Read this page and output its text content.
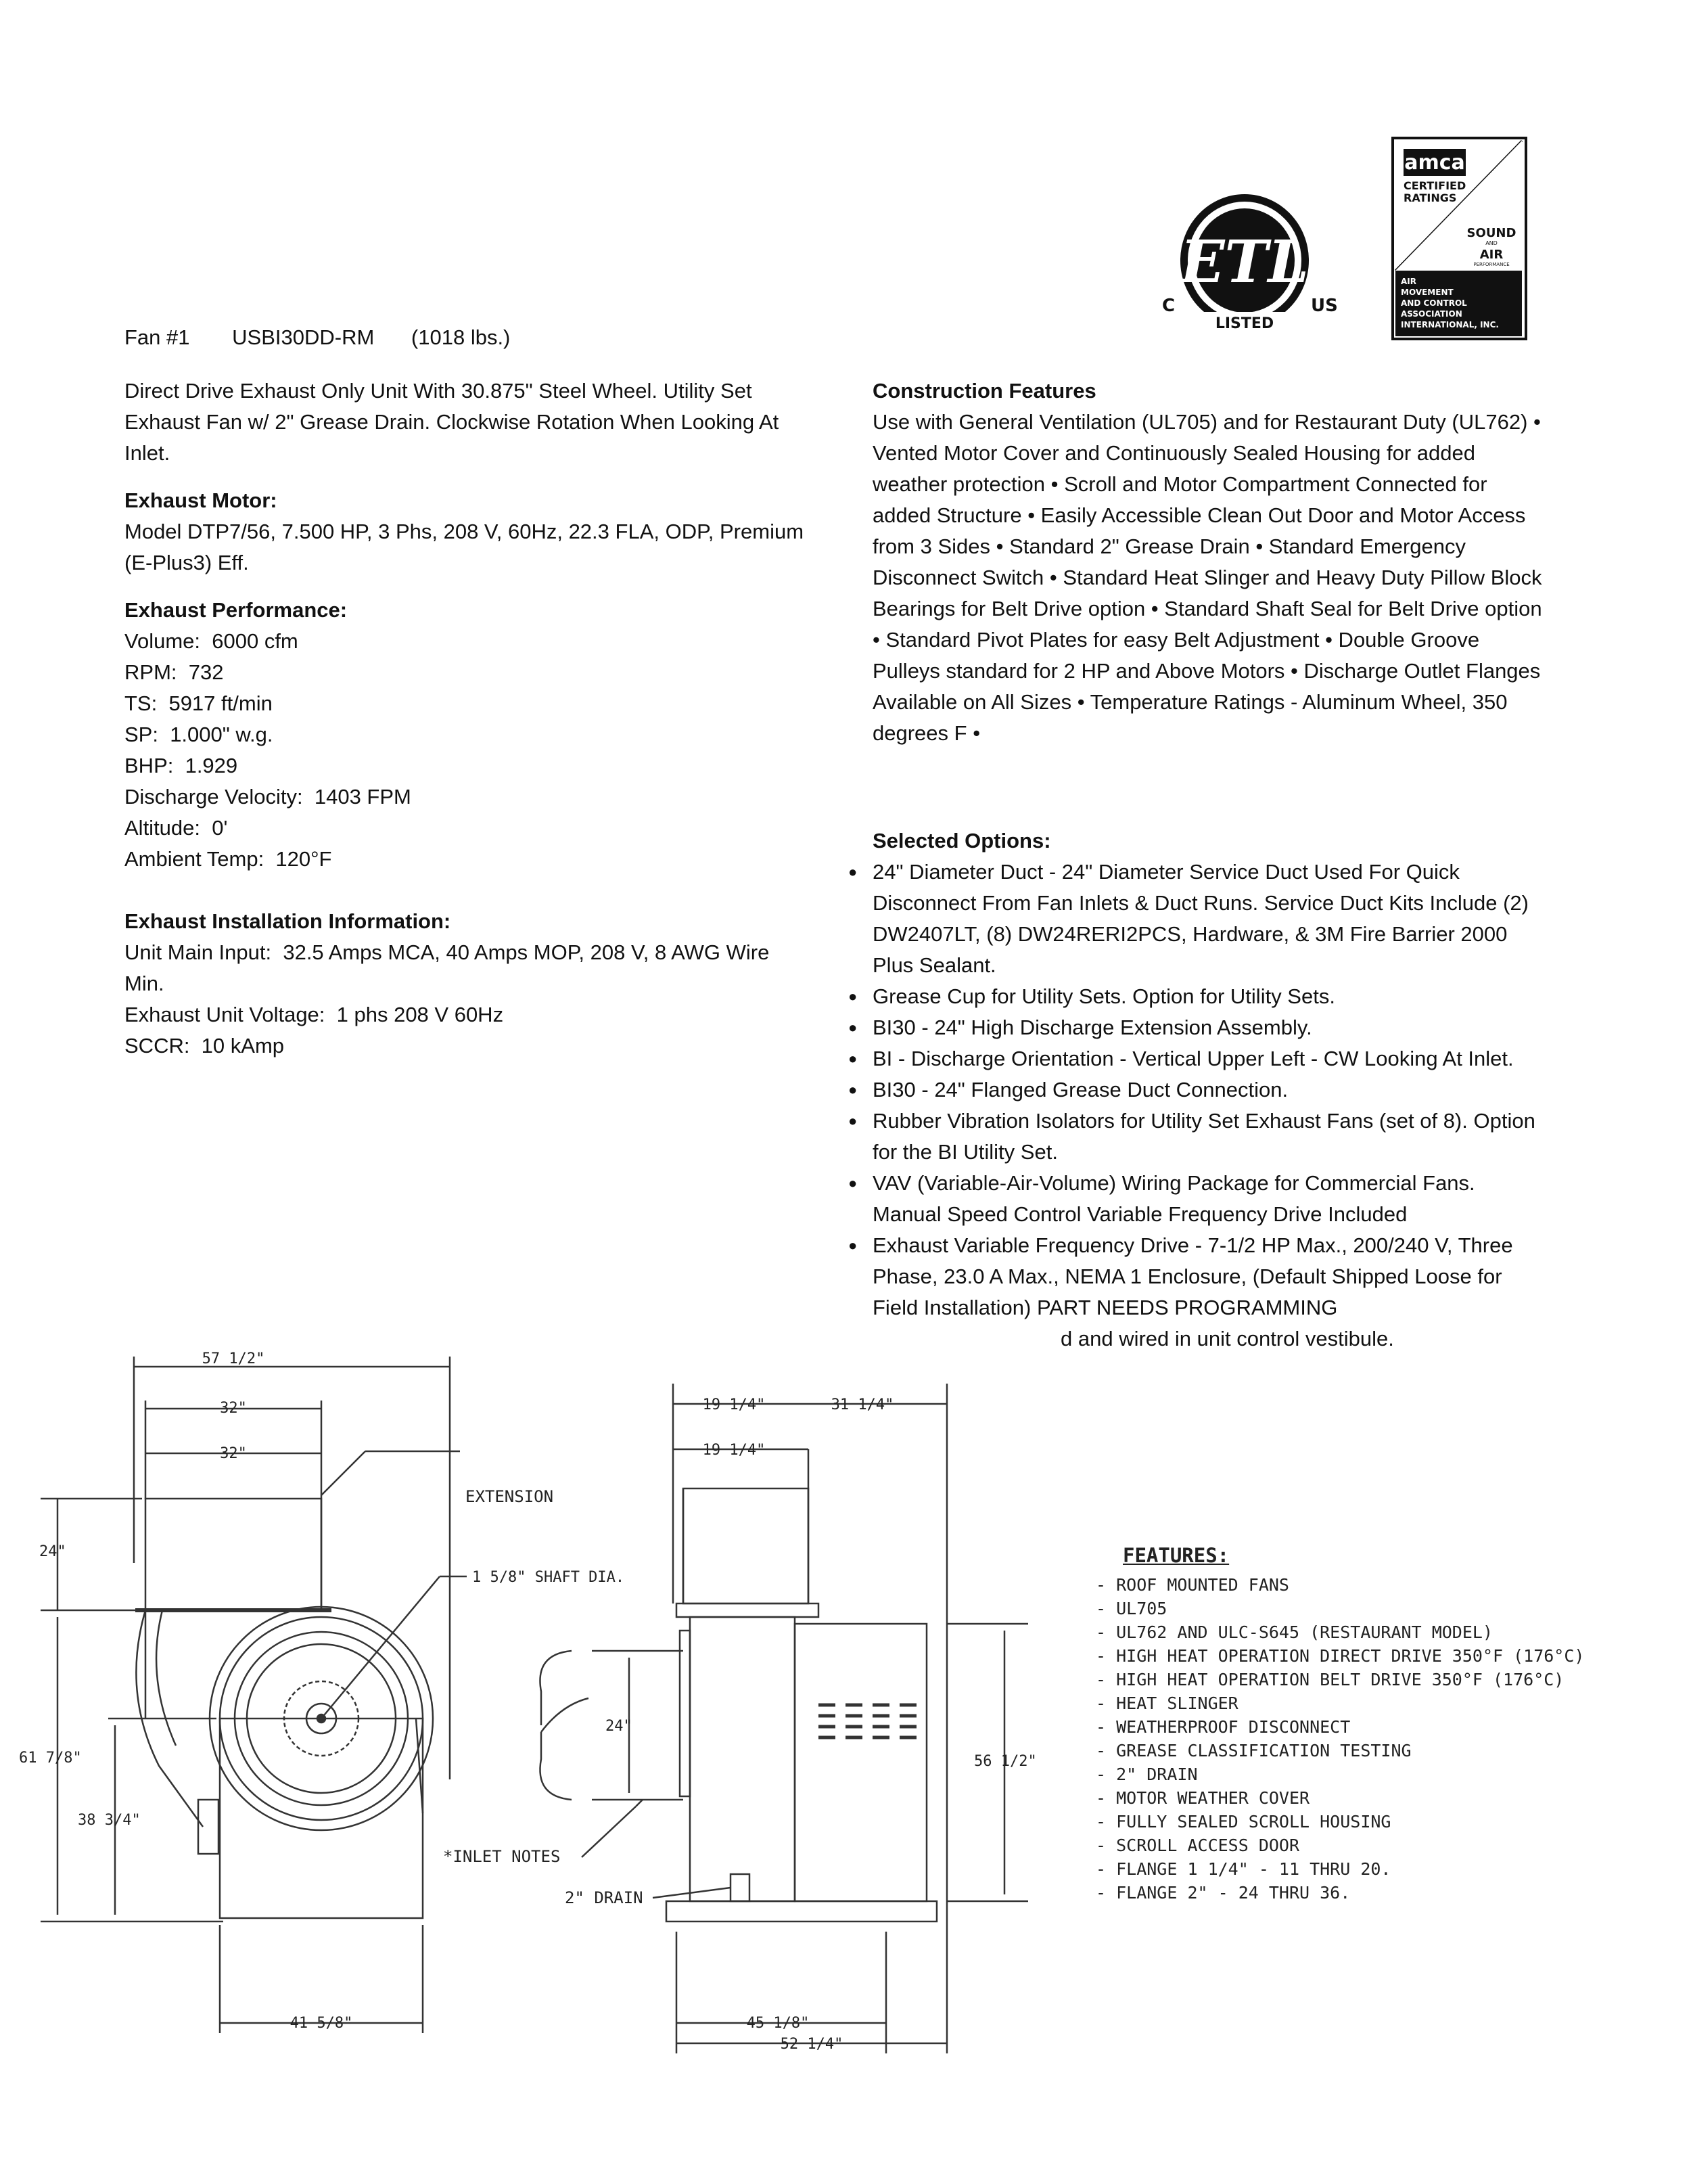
ETL
LISTED
C	US
amca
CERTIFIED
RATINGS
SOUND
AND
AIR
PERFORMANCE
AIR
MOVEMENT
AND CONTROL
ASSOCIATION
INTERNATIONAL, INC.
Fan #1 USBI30DD-RM (1018 lbs.)
Direct Drive Exhaust Only Unit With 30.875" Steel Wheel. Utility Set Exhaust Fan w/ 2" Grease Drain. Clockwise Rotation When Looking At Inlet.
Exhaust Motor:
Model DTP7/56, 7.500 HP, 3 Phs, 208 V, 60Hz, 22.3 FLA, ODP, Premium (E-Plus3) Eff.
Exhaust Performance:
Volume:  6000 cfm
RPM:  732
TS:  5917 ft/min
SP:  1.000" w.g.
BHP:  1.929
Discharge Velocity:  1403 FPM
Altitude:  0'
Ambient Temp:  120°F
Exhaust Installation Information:
Unit Main Input:  32.5 Amps MCA, 40 Amps MOP, 208 V, 8 AWG Wire Min.
Exhaust Unit Voltage:  1 phs 208 V 60Hz
SCCR:  10 kAmp
Construction Features
Use with General Ventilation (UL705) and for Restaurant Duty (UL762) • Vented Motor Cover and Continuously Sealed Housing for added weather protection • Scroll and Motor Compartment Connected for added Structure • Easily Accessible Clean Out Door and Motor Access from 3 Sides • Standard 2" Grease Drain • Standard Emergency Disconnect Switch • Standard Heat Slinger and Heavy Duty Pillow Block Bearings for Belt Drive option • Standard Shaft Seal for Belt Drive option • Standard Pivot Plates for easy Belt Adjustment • Double Groove Pulleys standard for 2 HP and Above Motors • Discharge Outlet Flanges Available on All Sizes • Temperature Ratings - Aluminum Wheel, 350 degrees F •
Selected Options:
● 24" Diameter Duct - 24" Diameter Service Duct Used For Quick Disconnect From Fan Inlets & Duct Runs. Service Duct Kits Include (2) DW2407LT, (8) DW24RERI2PCS, Hardware, & 3M Fire Barrier 2000 Plus Sealant.
● Grease Cup for Utility Sets. Option for Utility Sets.
● BI30 - 24" High Discharge Extension Assembly.
● BI - Discharge Orientation - Vertical Upper Left - CW Looking At Inlet.
● BI30 - 24" Flanged Grease Duct Connection.
● Rubber Vibration Isolators for Utility Set Exhaust Fans (set of 8). Option for the BI Utility Set.
● VAV (Variable-Air-Volume) Wiring Package for Commercial Fans. Manual Speed Control Variable Frequency Drive Included
● Exhaust Variable Frequency Drive - 7-1/2 HP Max., 200/240 V, Three Phase, 23.0 A Max., NEMA 1 Enclosure, (Default Shipped Loose for Field Installation) PART NEEDS PROGRAMMING
d and wired in unit control vestibule.
57 1/2"
32"
32"
24"
61 7/8"
38 3/4"
41 5/8"
EXTENSION
1 5/8" SHAFT DIA.
19 1/4"	31 1/4"
19 1/4"
24"
56 1/2"
45 1/8"
52 1/4"
*INLET NOTES
2" DRAIN
FEATURES:
- ROOF MOUNTED FANS
- UL705
- UL762 AND ULC-S645 (RESTAURANT MODEL)
- HIGH HEAT OPERATION DIRECT DRIVE 350°F (176°C)
- HIGH HEAT OPERATION BELT DRIVE 350°F (176°C)
- HEAT SLINGER
- WEATHERPROOF DISCONNECT
- GREASE CLASSIFICATION TESTING
- 2" DRAIN
- MOTOR WEATHER COVER
- FULLY SEALED SCROLL HOUSING
- SCROLL ACCESS DOOR
- FLANGE 1 1/4" - 11 THRU 20.
- FLANGE 2" - 24 THRU 36.
